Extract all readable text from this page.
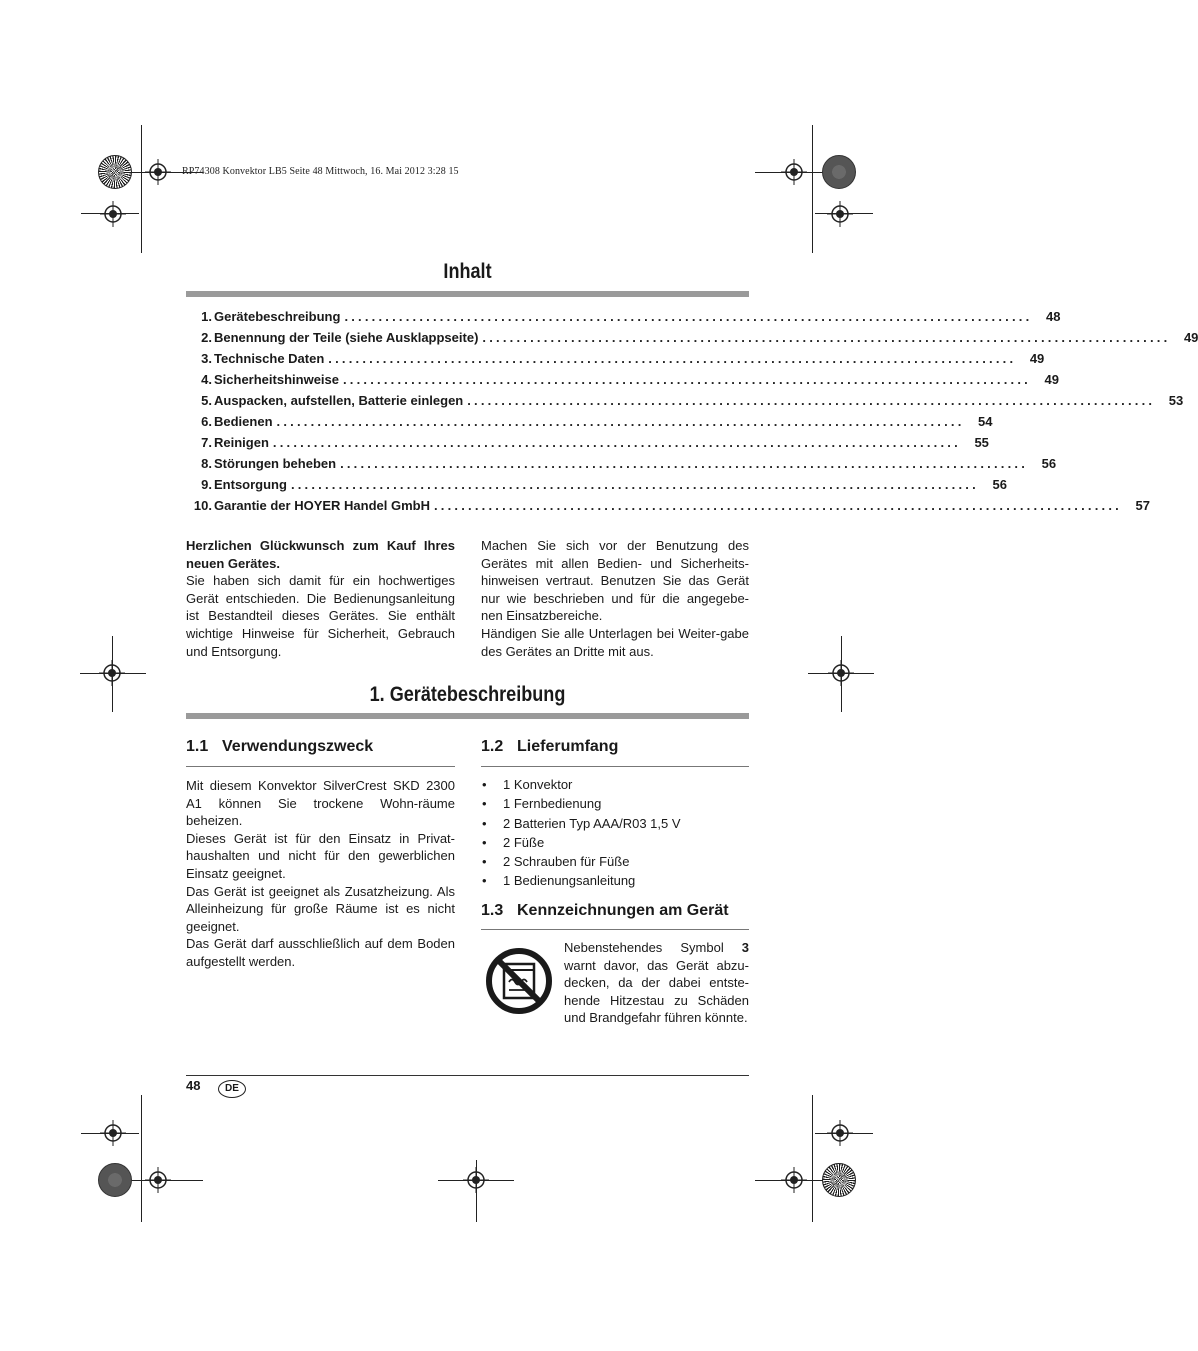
RP74308 Konvektor LB5 Seite 48 Mittwoch, 16. Mai 2012 3:28 15
Inhalt
1. Gerätebeschreibung .....................................................................................................	48
2. Benennung der Teile (siehe Ausklappseite) .....................................................................................................	49
3. Technische Daten .....................................................................................................	49
4. Sicherheitshinweise .....................................................................................................	49
5. Auspacken, aufstellen, Batterie einlegen .....................................................................................................	53
6. Bedienen .....................................................................................................	54
7. Reinigen .....................................................................................................	55
8. Störungen beheben .....................................................................................................	56
9. Entsorgung .....................................................................................................	56
10. Garantie der HOYER Handel GmbH .....................................................................................................	57

Herzlichen Glückwunsch zum Kauf Ihres neuen Gerätes.

Sie haben sich damit für ein hochwertiges Gerät entschieden. Die Bedienungsanleitung ist Bestandteil dieses Gerätes. Sie enthält wichtige Hinweise für Sicherheit, Gebrauch und Entsorgung.

Machen Sie sich vor der Benutzung des Gerätes mit allen Bedien- und Sicherheits-hinweisen vertraut. Benutzen Sie das Gerät nur wie beschrieben und für die angegebe-nen Einsatzbereiche.

Händigen Sie alle Unterlagen bei Weiter-gabe des Gerätes an Dritte mit aus.

1. Gerätebeschreibung
1.1 Verwendungszweck

Mit diesem Konvektor SilverCrest SKD 2300 A1 können Sie trockene Wohn-räume beheizen.

Dieses Gerät ist für den Einsatz in Privat-haushalten und nicht für den gewerblichen Einsatz geeignet.

Das Gerät ist geeignet als Zusatzheizung. Als Alleinheizung für große Räume ist es nicht geeignet.

Das Gerät darf ausschließlich auf dem Boden aufgestellt werden.

1.2 Lieferumfang
• 1 Konvektor
• 1 Fernbedienung
• 2 Batterien Typ AAA/R03 1,5 V
• 2 Füße
• 2 Schrauben für Füße
• 1 Bedienungsanleitung
1.3 Kennzeichnungen am Gerät

Nebenstehendes Symbol 3 warnt davor, das Gerät abzu-decken, da der dabei entste-hende Hitzestau zu Schäden und Brandgefahr führen könnte.

48	DE
